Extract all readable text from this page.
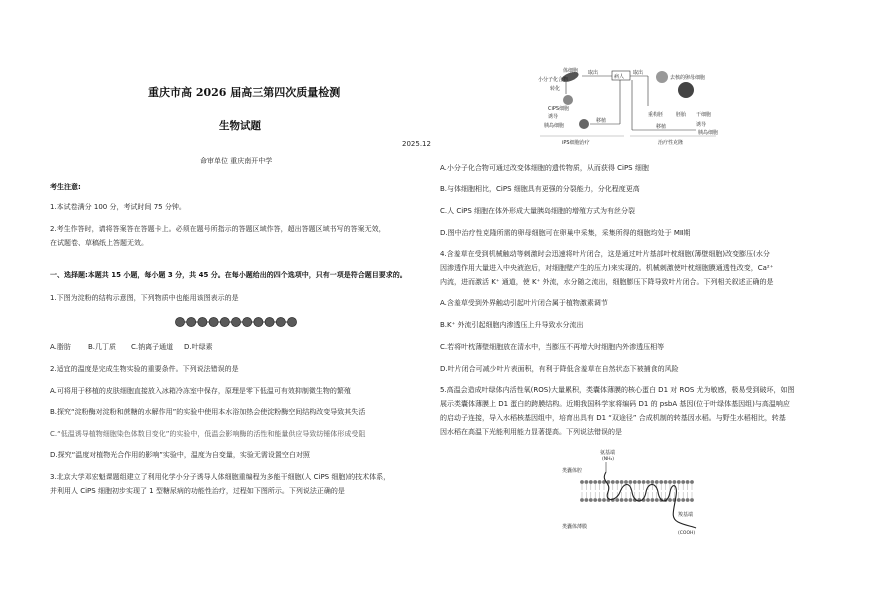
重庆市高 2026 届高三第四次质量检测
生物试题
2025.12
命审单位 重庆南开中学
考生注意:
1.本试卷满分 100 分，考试时间 75 分钟。
2.考生作答时，请将答案答在答题卡上。必须在题号所指示的答题区域作答，超出答题区域书写的答案无效，
在试题卷、草稿纸上答题无效。
一、选择题:本题共 15 小题，每小题 3 分，共 45 分。在每小题给出的四个选项中，只有一项是符合题目要求的。
1.下图为淀粉的结构示意图，下列物质中也能用该图表示的是
A.脂肪 B.几丁质 C.钠离子通道 D.叶绿素
2.适宜的温度是完成生物实验的重要条件。下列说法错误的是
A.可将用于移植的皮肤细胞直接放入冰箱冷冻室中保存，原理是零下低温可有效抑制微生物的繁殖
B.探究“淀粉酶对淀粉和蔗糖的水解作用”的实验中使用本水浴加热会使淀粉酶空间结构改变导致其失活
C.“低温诱导植物细胞染色体数目变化”的实验中，低温会影响酶的活性和能量供应导致纺锤体形成受阻
D.探究“温度对植物光合作用的影响”实验中，温度为自变量，实验无需设置空白对照
3.北京大学邓宏魁课题组建立了利用化学小分子诱导人体细胞重编程为多能干细胞(人 CiPS 细胞)的技术体系，
并利用人 CiPS 细胞初步实现了 1 型糖尿病的功能性治疗，过程如下图所示。下列说法正确的是
体细胞
小分子化合物
取出
病人
取出
转化
CiPS细胞
诱导
胰岛细胞
移植
iPS细胞治疗
去核的卵母细胞
重构胚	胚胎 干细胞
诱导
胰岛细胞
移植
治疗性克隆
A.小分子化合物可通过改变体细胞的遗传物质，从而获得 CiPS 细胞
B.与体细胞相比，CiPS 细胞具有更强的分裂能力，分化程度更高
C.人 CiPS 细胞在体外形成大量胰岛细胞的增殖方式为有丝分裂
D.图中治疗性克隆所需的卵母细胞可在卵巢中采集，采集所得的细胞均处于 MⅡ期
4.含羞草在受到机械触动等刺激时会迅速将叶片闭合，这是通过叶片基部叶枕细胞(薄壁细胞)改变膨压(水分
因渗透作用大量进入中央液泡后，对细胞壁产生的压力)来实现的。机械刺激使叶枕细胞膜通透性改变，Ca²⁺
内流，进而激活 K⁺ 通道，使 K⁺ 外流，水分随之流出，细胞膨压下降导致叶片闭合。下列相关叙述正确的是
A.含羞草受到外界触动引起叶片闭合属于植物激素调节
B.K⁺ 外流引起细胞内渗透压上升导致水分流出
C.若将叶枕薄壁细胞放在清水中，当膨压不再增大时细胞内外渗透压相等
D.叶片闭合可减少叶片表面积，有利于降低含羞草在自然状态下被捕食的风险
5.高温会造成叶绿体内活性氧(ROS)大量累积，类囊体薄膜的核心蛋白 D1 对 ROS 尤为敏感，极易受到破坏，如图
展示类囊体薄膜上 D1 蛋白的跨膜结构。近期我国科学家将编码 D1 的 psbA 基因(位于叶绿体基因组)与高温响应
的启动子连接，导入水稻核基因组中，培育出具有 D1 “双途径” 合成机制的转基因水稻。与野生水稻相比，转基
因水稻在高温下光能利用能力显著提高。下列说法错误的是
氨基端
(NH₂)
类囊体腔
类囊体薄膜
羧基端
(COOH)
